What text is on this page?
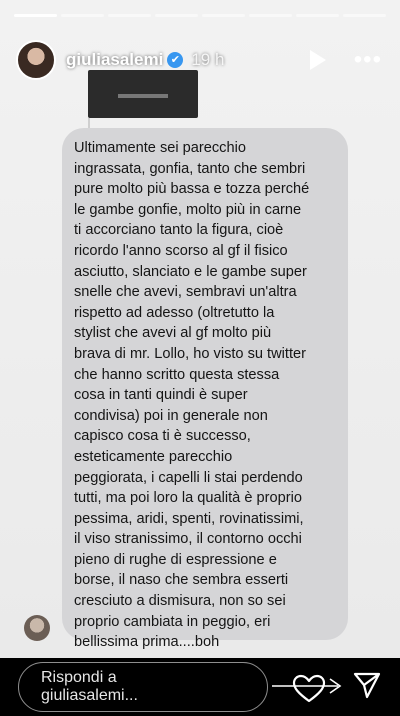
giuliasalemi ✔ 19 h	•••

Ultimamente sei parecchio
ingrassata, gonfia, tanto che sembri
pure molto più bassa e tozza perché
le gambe gonfie, molto più in carne
ti accorciano tanto la figura, cioè
ricordo l'anno scorso al gf il fisico
asciutto, slanciato e le gambe super
snelle che avevi, sembravi un'altra
rispetto ad adesso (oltretutto la
stylist che avevi al gf molto più
brava di mr. Lollo, ho visto su twitter
che hanno scritto questa stessa
cosa in tanti quindi è super
condivisa) poi in generale non
capisco cosa ti è successo,
esteticamente parecchio
peggiorata, i capelli li stai perdendo
tutti, ma poi loro la qualità è proprio
pessima, aridi, spenti, rovinatissimi,
il viso stranissimo, il contorno occhi
pieno di rughe di espressione e
borse, il naso che sembra esserti
cresciuto a dismisura, non so sei
proprio cambiata in peggio, eri
bellissima prima....boh

Rispondi a
giuliasalemi...
